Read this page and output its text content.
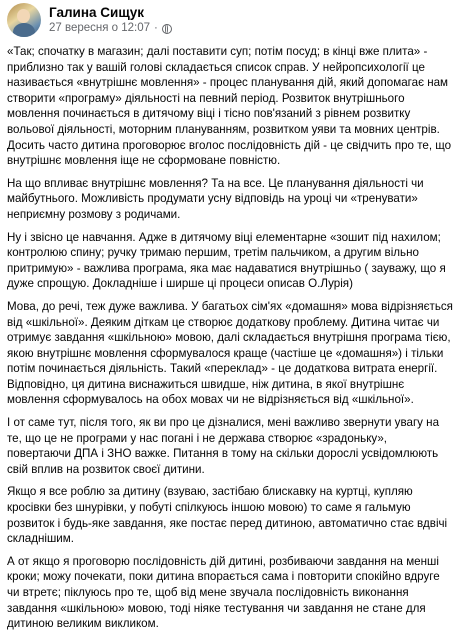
Галина Сищук
27 вересня о 12:07 ·

«Так; спочатку в магазин; далі поставити суп; потім посуд; в кінці вже плита» - приблизно так у вашій голові складається список справ. У нейропсихології це називається «внутрішнє мовлення» - процес планування дій, який допомагає нам створити «програму» діяльності на певний період. Розвиток внутрішнього мовлення починається в дитячому віці і тісно пов'язаний з рівнем розвитку вольової діяльності, моторним плануванням, розвитком уяви та мовних центрів. Досить часто дитина проговорює вголос послідовність дій - це свідчить про те, що внутрішнє мовлення іще не сформоване повністю.

На що впливає внутрішнє мовлення? Та на все. Це планування діяльності чи майбутнього. Можливість продумати усну відповідь на уроці чи «тренувати» неприємну розмову з родичами.

Ну і звісно це навчання. Адже в дитячому віці елементарне «зошит під нахилом; контролюю спину; ручку тримаю першим, третім пальчиком, а другим вільно притримую» - важлива програма, яка має надаватися внутрішньо ( зауважу, що я дуже спрощую. Докладніше і ширше ці процеси описав О.Лурія)

Мова, до речі, теж дуже важлива. У багатьох сім'ях «домашня» мова відрізняється від «шкільної». Деяким діткам це створює додаткову проблему. Дитина читає чи отримує завдання «шкільною» мовою, далі складається внутрішня програма тією, якою внутрішнє мовлення сформувалося краще (частіше це «домашня») і тільки потім починається діяльність. Такий «переклад» - це додаткова витрата енергії. Відповідно, ця дитина виснажиться швидше, ніж дитина, в якої внутрішнє мовлення сформувалось на обох мовах чи не відрізняється від «шкільної».

І от саме тут, після того, як ви про це дізналися, мені важливо звернути увагу на те, що це не програми у нас погані і не держава створює «зрадоньку», повертаючи ДПА і ЗНО важке. Питання в тому на скільки дорослі усвідомлюють свій вплив на розвиток своєї дитини.

Якщо я все роблю за дитину (взуваю, застібаю блискавку на куртці, купляю кросівки без шнурівки, у побуті спілкуюсь іншою мовою) то саме я гальмую розвиток і будь-яке завдання, яке постає перед дитиною, автоматично стає вдвічі складнішим.

А от якщо я проговорю послідовність дій дитині, розбиваючи завдання на менші кроки; можу почекати, поки дитина впорається сама і повторити спокійно вдруге чи втретє; піклуюсь про те, щоб від мене звучала послідовність виконання завдання «шкільною» мовою, тоді ніяке тестування чи завдання не стане для дитиною великим викликом.
